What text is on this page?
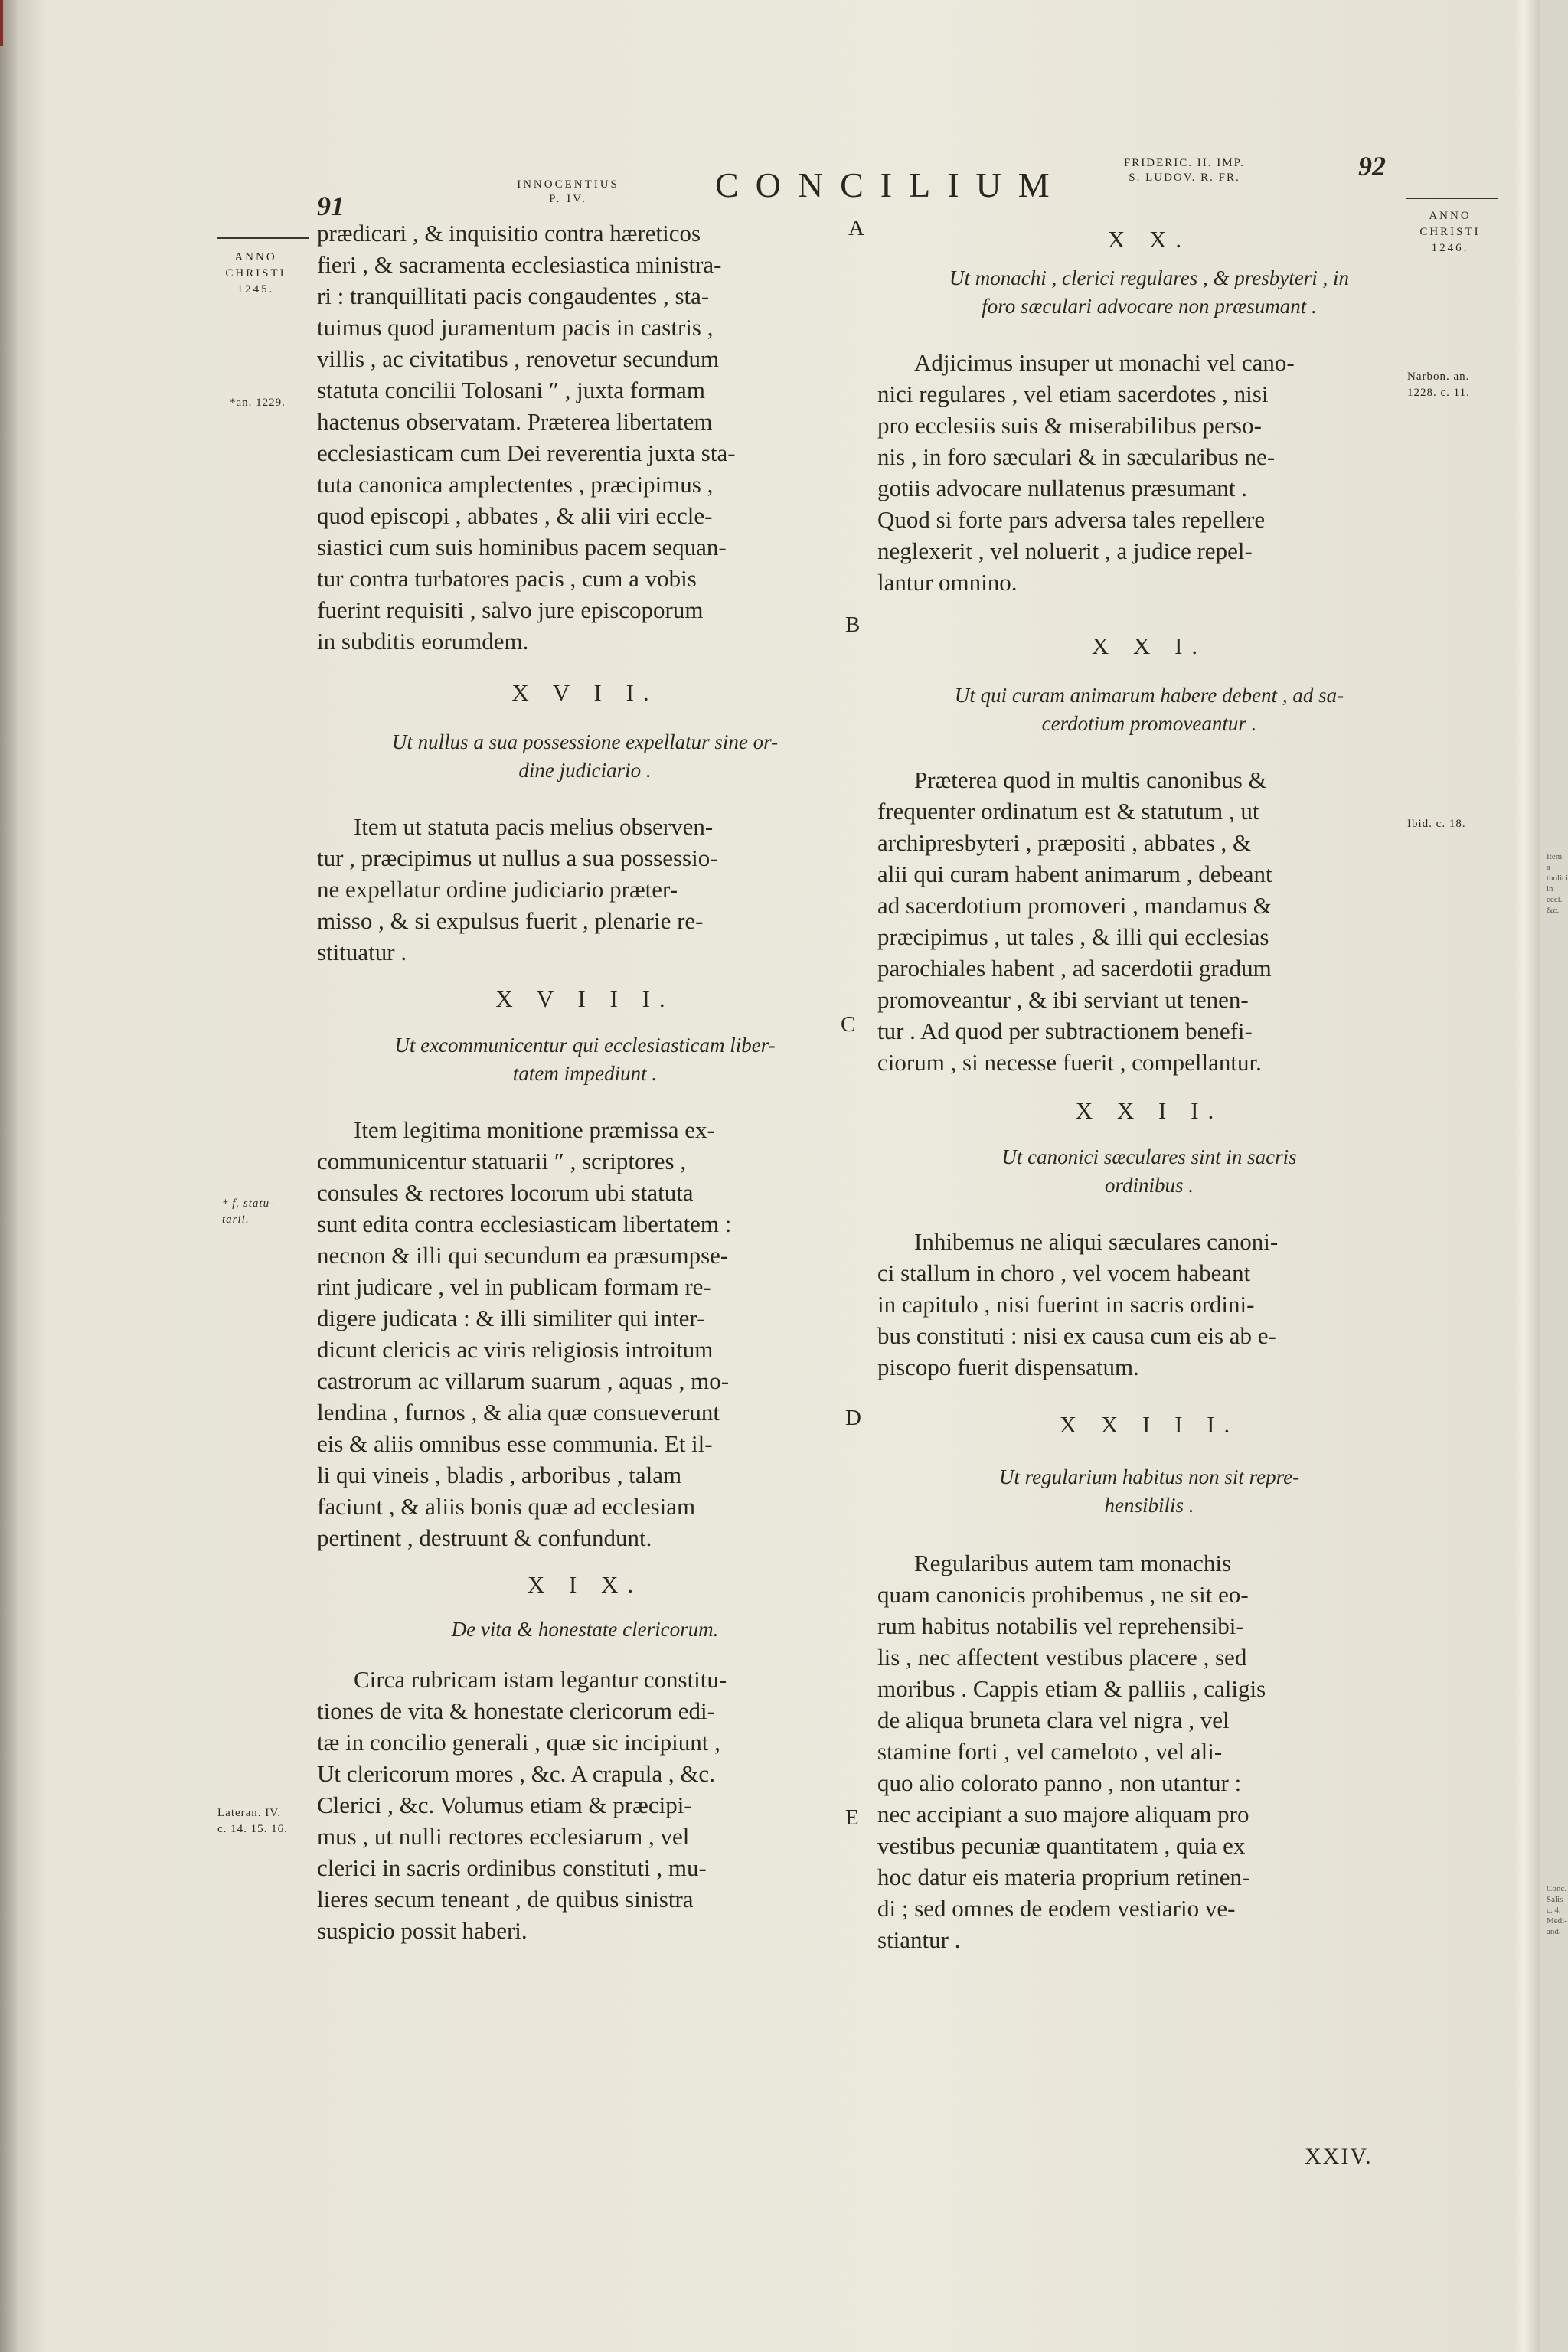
91
INNOCENTIUS
P. IV.	CONCILIUM
FRIDERIC. II. IMP.
S. LUDOV. R. FR.	92
ANNO
CHRISTI
1245.
*an. 1229.
* f. statu-
tarii.
Lateran. IV.
c. 14. 15. 16.
ANNO
CHRISTI
1246.
Narbon. an.
1228. c. 11.
Ibid. c. 18.
Item
a
tholici
in eccl.
&c.
Conc.
Salis-
c. 4.
Medi-
and.
A
B
C
D
E

prædicari , & inquisitio contra hæreticos

fieri , & sacramenta ecclesiastica ministra-

ri : tranquillitati pacis congaudentes , sta-

tuimus quod juramentum pacis in castris ,

villis , ac civitatibus , renovetur secundum

statuta concilii Tolosani ″ , juxta formam

hactenus observatam. Præterea libertatem

ecclesiasticam cum Dei reverentia juxta sta-

tuta canonica amplectentes , præcipimus ,

quod episcopi , abbates , & alii viri eccle-

siastici cum suis hominibus pacem sequan-

tur contra turbatores pacis , cum a vobis

fuerint requisiti , salvo jure episcoporum

in subditis eorumdem.

X V I I.
Ut nullus a sua possessione expellatur sine or-
dine judiciario .

Item ut statuta pacis melius observen-

tur , præcipimus ut nullus a sua possessio-

ne expellatur ordine judiciario præter-

misso , & si expulsus fuerit , plenarie re-

stituatur .

X V I I I.
Ut excommunicentur qui ecclesiasticam liber-
tatem impediunt .

Item legitima monitione præmissa ex-

communicentur statuarii ″ , scriptores ,

consules & rectores locorum ubi statuta

sunt edita contra ecclesiasticam libertatem :

necnon & illi qui secundum ea præsumpse-

rint judicare , vel in publicam formam re-

digere judicata : & illi similiter qui inter-

dicunt clericis ac viris religiosis introitum

castrorum ac villarum suarum , aquas , mo-

lendina , furnos , & alia quæ consueverunt

eis & aliis omnibus esse communia. Et il-

li qui vineis , bladis , arboribus , talam

faciunt , & aliis bonis quæ ad ecclesiam

pertinent , destruunt & confundunt.

X I X.
De vita & honestate clericorum.

Circa rubricam istam legantur constitu-

tiones de vita & honestate clericorum edi-

tæ in concilio generali , quæ sic incipiunt ,

Ut clericorum mores , &c. A crapula , &c.

Clerici , &c. Volumus etiam & præcipi-

mus , ut nulli rectores ecclesiarum , vel

clerici in sacris ordinibus constituti , mu-

lieres secum teneant , de quibus sinistra

suspicio possit haberi.

X X.
Ut monachi , clerici regulares , & presbyteri , in
foro sæculari advocare non præsumant .

Adjicimus insuper ut monachi vel cano-

nici regulares , vel etiam sacerdotes , nisi

pro ecclesiis suis & miserabilibus perso-

nis , in foro sæculari & in sæcularibus ne-

gotiis advocare nullatenus præsumant .

Quod si forte pars adversa tales repellere

neglexerit , vel noluerit , a judice repel-

lantur omnino.

X X I.
Ut qui curam animarum habere debent , ad sa-
cerdotium promoveantur .

Præterea quod in multis canonibus &

frequenter ordinatum est & statutum , ut

archipresbyteri , præpositi , abbates , &

alii qui curam habent animarum , debeant

ad sacerdotium promoveri , mandamus &

præcipimus , ut tales , & illi qui ecclesias

parochiales habent , ad sacerdotii gradum

promoveantur , & ibi serviant ut tenen-

tur . Ad quod per subtractionem benefi-

ciorum , si necesse fuerit , compellantur.

X X I I.
Ut canonici sæculares sint in sacris
ordinibus .

Inhibemus ne aliqui sæculares canoni-

ci stallum in choro , vel vocem habeant

in capitulo , nisi fuerint in sacris ordini-

bus constituti : nisi ex causa cum eis ab e-

piscopo fuerit dispensatum.

X X I I I.
Ut regularium habitus non sit repre-
hensibilis .

Regularibus autem tam monachis

quam canonicis prohibemus , ne sit eo-

rum habitus notabilis vel reprehensibi-

lis , nec affectent vestibus placere , sed

moribus . Cappis etiam & palliis , caligis

de aliqua bruneta clara vel nigra , vel

stamine forti , vel cameloto , vel ali-

quo alio colorato panno , non utantur :

nec accipiant a suo majore aliquam pro

vestibus pecuniæ quantitatem , quia ex

hoc datur eis materia proprium retinen-

di ; sed omnes de eodem vestiario ve-

stiantur .

XXIV.
